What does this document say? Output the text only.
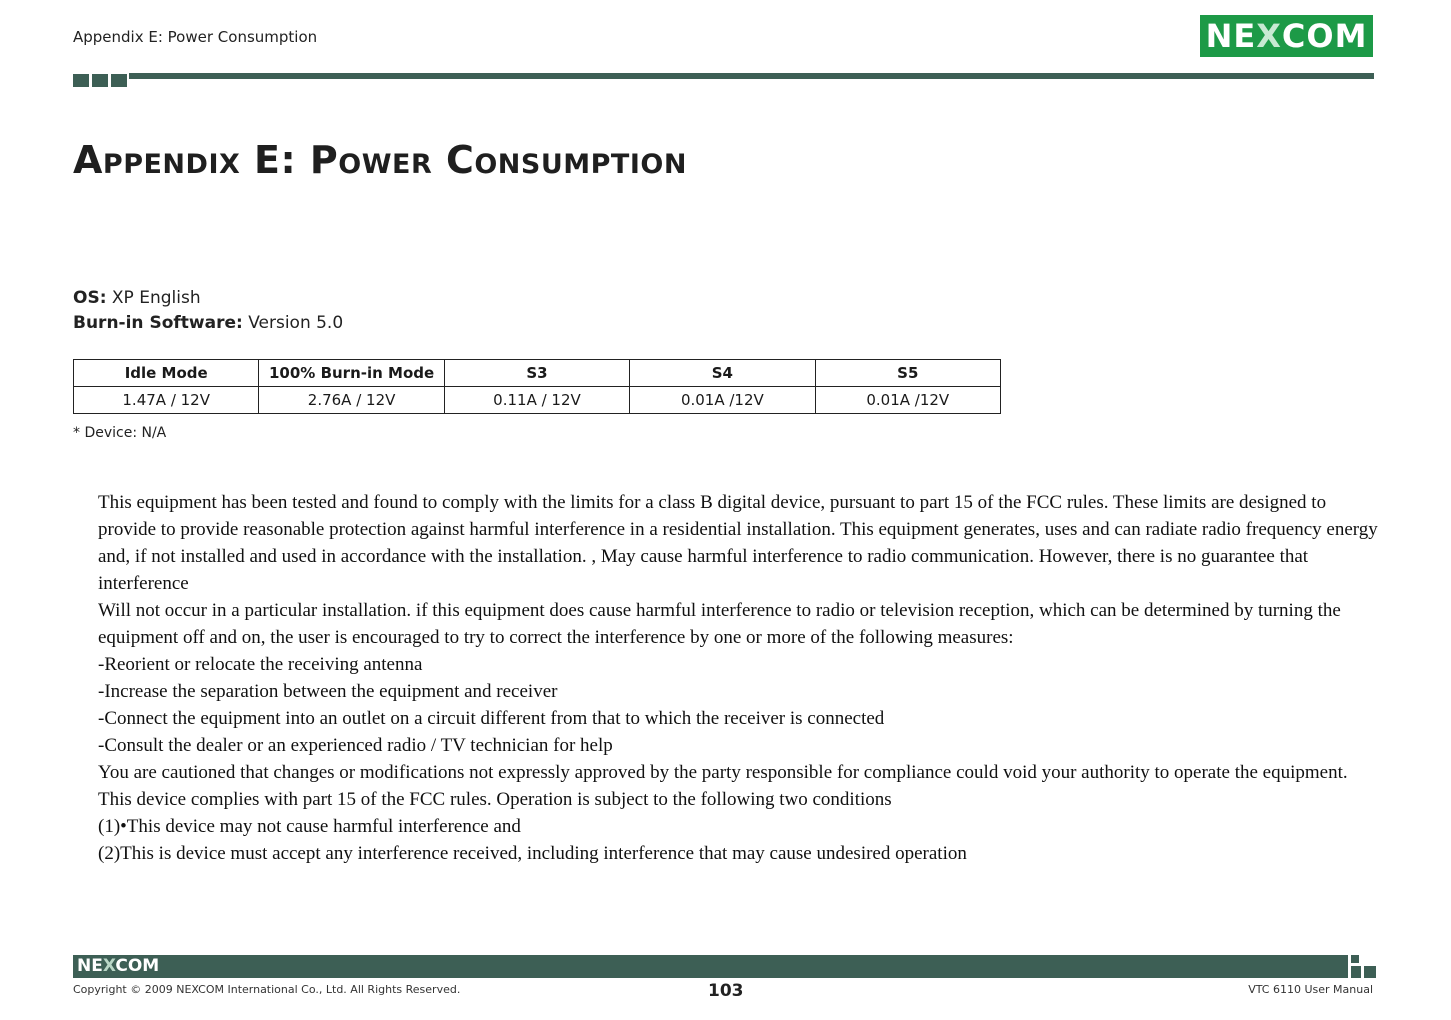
Appendix E: Power Consumption	NE X COM
Appendix E: Power Consumption
OS: XP English
Burn-in Software: Version 5.0
Idle Mode	100% Burn-in Mode	S3	S4	S5
1.47A / 12V	2.76A / 12V	0.11A / 12V	0.01A /12V	0.01A /12V
* Device: N/A

This equipment has been tested and found to comply with the limits for a class B digital device, pursuant to part 15 of the FCC rules. These limits are designed to provide to provide reasonable protection against harmful interference in a residential installation. This equipment generates, uses and can radiate radio frequency energy and, if not installed and used in accordance with the installation. , May cause harmful interference to radio communication. However, there is no guarantee that interference

Will not occur in a particular installation. if this equipment does cause harmful interference to radio or television reception, which can be determined by turning the equipment off and on, the user is encouraged to try to correct the interference by one or more of the following measures:

-Reorient or relocate the receiving antenna

-Increase the separation between the equipment and receiver

-Connect the equipment into an outlet on a circuit different from that to which the receiver is connected

-Consult the dealer or an experienced radio / TV technician for help

You are cautioned that changes or modifications not expressly approved by the party responsible for compliance could void your authority to operate the equipment.

This device complies with part 15 of the FCC rules. Operation is subject to the following two conditions

(1)•This device may not cause harmful interference and

(2)This is device must accept any interference received, including interference that may cause undesired operation

NEXCOM
Copyright © 2009 NEXCOM International Co., Ltd. All Rights Reserved.	103	VTC 6110 User Manual
